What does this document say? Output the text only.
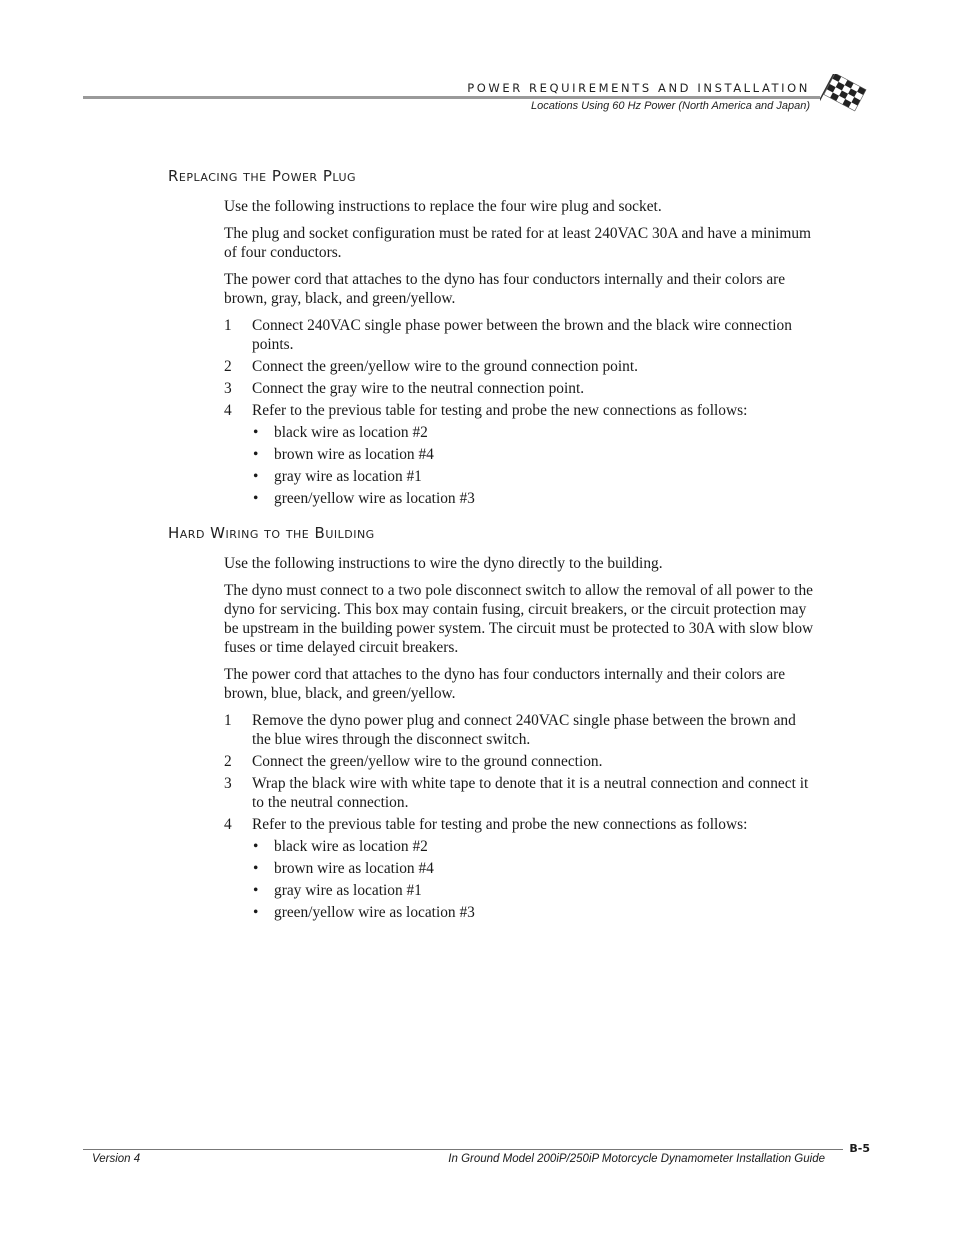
POWER REQUIREMENTS AND INSTALLATION
Locations Using 60 Hz Power (North America and Japan)
Replacing the Power Plug

Use the following instructions to replace the four wire plug and socket.

The plug and socket configuration must be rated for at least 240VAC 30A and have a minimum of four conductors.

The power cord that attaches to the dyno has four conductors internally and their colors are brown, gray, black, and green/yellow.

1 Connect 240VAC single phase power between the brown and the black wire connection points.
2 Connect the green/yellow wire to the ground connection point.
3 Connect the gray wire to the neutral connection point.
4 Refer to the previous table for testing and probe the new connections as follows:
• black wire as location #2
• brown wire as location #4
• gray wire as location #1
• green/yellow wire as location #3
Hard Wiring to the Building

Use the following instructions to wire the dyno directly to the building.

The dyno must connect to a two pole disconnect switch to allow the removal of all power to the dyno for servicing. This box may contain fusing, circuit breakers, or the circuit protection may be upstream in the building power system. The circuit must be protected to 30A with slow blow fuses or time delayed circuit breakers.

The power cord that attaches to the dyno has four conductors internally and their colors are brown, blue, black, and green/yellow.

1 Remove the dyno power plug and connect 240VAC single phase between the brown and the blue wires through the disconnect switch.
2 Connect the green/yellow wire to the ground connection.
3 Wrap the black wire with white tape to denote that it is a neutral connection and connect it to the neutral connection.
4 Refer to the previous table for testing and probe the new connections as follows:
• black wire as location #2
• brown wire as location #4
• gray wire as location #1
• green/yellow wire as location #3
B-5
Version 4	In Ground Model 200iP/250iP Motorcycle Dynamometer Installation Guide
